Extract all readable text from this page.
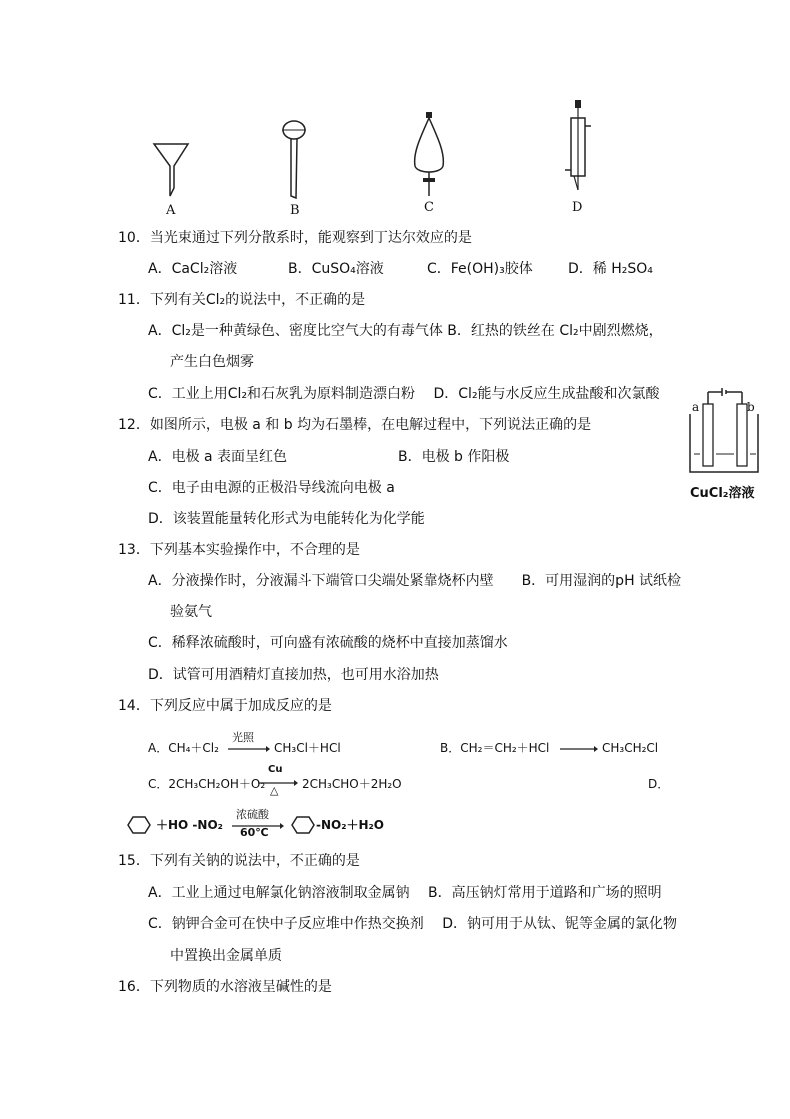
A	B	C	D
10．当光束通过下列分散系时，能观察到丁达尔效应的是
A．CaCl₂溶液	B．CuSO₄溶液	C．Fe(OH)₃胶体	D．稀 H₂SO₄
11．下列有关Cl₂的说法中，不正确的是
A．Cl₂是一种黄绿色、密度比空气大的有毒气体 B．红热的铁丝在 Cl₂中剧烈燃烧，
产生白色烟雾
C．工业上用Cl₂和石灰乳为原料制造漂白粉　 D．Cl₂能与水反应生成盐酸和次氯酸
12．如图所示，电极 a 和 b 均为石墨棒，在电解过程中，下列说法正确的是
A．电极 a 表面呈红色	B．电极 b 作阳极
C．电子由电源的正极沿导线流向电极 a
D．该装置能量转化形式为电能转化为化学能
a	b
CuCl₂溶液
13．下列基本实验操作中，不合理的是
A．分液操作时，分液漏斗下端管口尖端处紧靠烧杯内壁　　B．可用湿润的pH 试纸检
验氨气
C．稀释浓硫酸时，可向盛有浓硫酸的烧杯中直接加蒸馏水
D．试管可用酒精灯直接加热，也可用水浴加热
14．下列反应中属于加成反应的是
A．CH₄＋Cl₂
光照
→ CH₃Cl＋HCl	B．CH₂＝CH₂＋HCl → CH₃CH₂Cl
C．2CH₃CH₂OH＋O₂
Cu
△ 2CH₃CHO＋2H₂O	D．
＋HO -NO₂
浓硫酸
60℃
-NO₂＋H₂O
15．下列有关钠的说法中，不正确的是
A．工业上通过电解氯化钠溶液制取金属钠　 B．高压钠灯常用于道路和广场的照明
C．钠钾合金可在快中子反应堆中作热交换剂　 D．钠可用于从钛、铌等金属的氯化物
中置换出金属单质
16．下列物质的水溶液呈碱性的是
